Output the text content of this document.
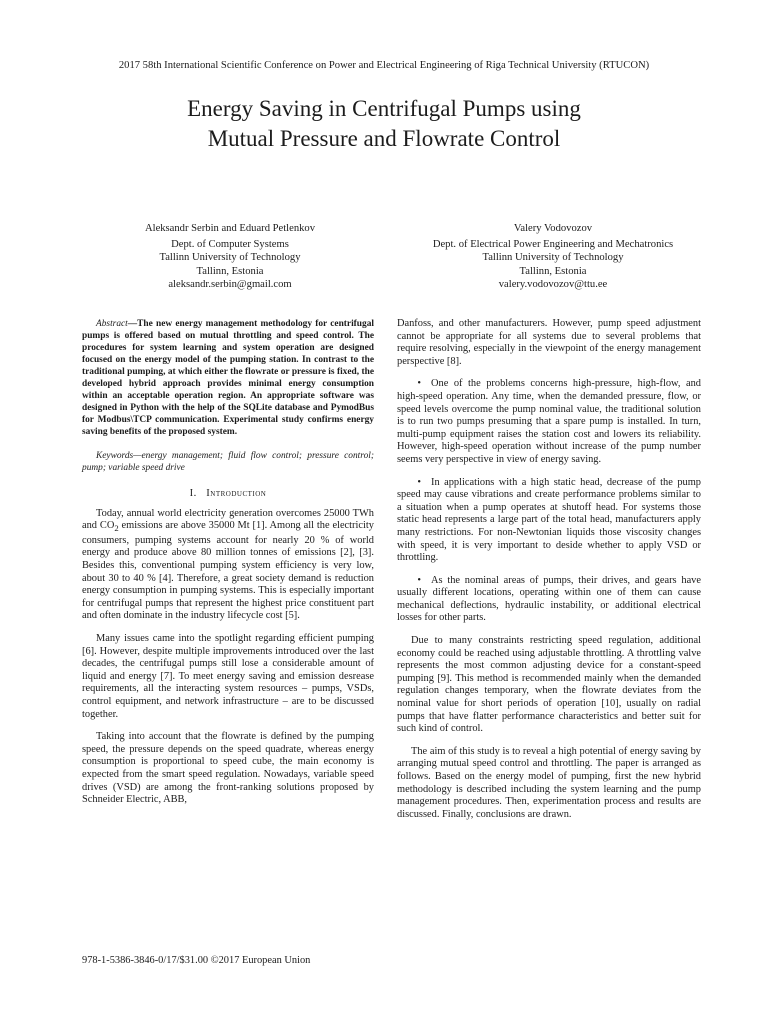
2017 58th International Scientific Conference on Power and Electrical Engineering of Riga Technical University (RTUCON)
Energy Saving in Centrifugal Pumps using
Mutual Pressure and Flowrate Control
Aleksandr Serbin and Eduard Petlenkov
Dept. of Computer Systems
Tallinn University of Technology
Tallinn, Estonia
aleksandr.serbin@gmail.com
Valery Vodovozov
Dept. of Electrical Power Engineering and Mechatronics
Tallinn University of Technology
Tallinn, Estonia
valery.vodovozov@ttu.ee

Abstract—The new energy management methodology for centrifugal pumps is offered based on mutual throttling and speed control. The procedures for system learning and system operation are designed focused on the energy model of the pumping station. In contrast to the traditional pumping, at which either the flowrate or pressure is fixed, the developed hybrid approach provides minimal energy consumption within an acceptable operation region. An appropriate software was designed in Python with the help of the SQLite database and PymodBus for Modbus\TCP communication. Experimental study confirms energy saving benefits of the proposed system.

Keywords—energy management; fluid flow control; pressure control; pump; variable speed drive

I. Introduction

Today, annual world electricity generation overcomes 25000 TWh and $CO_2$ emissions are above 35000 Mt [1]. Among all the electricity consumers, pumping systems account for nearly 20 % of world energy and produce above 80 million tonnes of emissions [2], [3]. Besides this, conventional pumping system efficiency is very low, about 30 to 40 % [4]. Therefore, a great society demand is reduction energy consumption in pumping systems. This is especially important for centrifugal pumps that represent the highest price constituent part and often dominate in the industry lifecycle cost [5].

Many issues came into the spotlight regarding efficient pumping [6]. However, despite multiple improvements introduced over the last decades, the centrifugal pumps still lose a considerable amount of liquid and energy [7]. To meet energy saving and emission desrease requirements, all the interacting system resources – pumps, VSDs, control equipment, and network infrastructure – are to be discussed together.

Taking into account that the flowrate is defined by the pumping speed, the pressure depends on the speed quadrate, whereas energy consumption is proportional to speed cube, the main economy is expected from the smart speed regulation. Nowadays, variable speed drives (VSD) are among the front-ranking solutions proposed by Schneider Electric, ABB,

Danfoss, and other manufacturers. However, pump speed adjustment cannot be appropriate for all systems due to several problems that require resolving, especially in the viewpoint of the energy management perspective [8].

• One of the problems concerns high-pressure, high-flow, and high-speed operation. Any time, when the demanded pressure, flow, or speed levels overcome the pump nominal value, the traditional solution is to run two pumps presuming that a spare pump is installed. In turn, multi-pump equipment raises the station cost and lowers its reliability. However, high-speed operation without increase of the pump number seems very perspective in view of energy saving.

• In applications with a high static head, decrease of the pump speed may cause vibrations and create performance problems similar to a situation when a pump operates at shutoff head. For systems those static head represents a large part of the total head, manufacturers apply many restrictions. For non-Newtonian liquids those viscosity changes with speed, it is very important to deside whether to apply VSD or throttling.

• As the nominal areas of pumps, their drives, and gears have usually different locations, operating within one of them can cause mechanical deflections, hydraulic instability, or additional electrical losses for other parts.

Due to many constraints restricting speed regulation, additional economy could be reached using adjustable throttling. A throttling valve represents the most common adjusting device for a constant-speed pumping [9]. This method is recommended mainly when the demanded regulation changes temporary, when the flowrate deviates from the nominal value for short periods of operation [10], usually on radial pumps that have flatter performance characteristics and better suit for such kind of control.

The aim of this study is to reveal a high potential of energy saving by arranging mutual speed control and throttling. The paper is arranged as follows. Based on the energy model of pumping, first the new hybrid methodology is described including the system learning and the pump management procedures. Then, experimentation process and results are discussed. Finally, conclusions are drawn.

978-1-5386-3846-0/17/$31.00 ©2017 European Union
